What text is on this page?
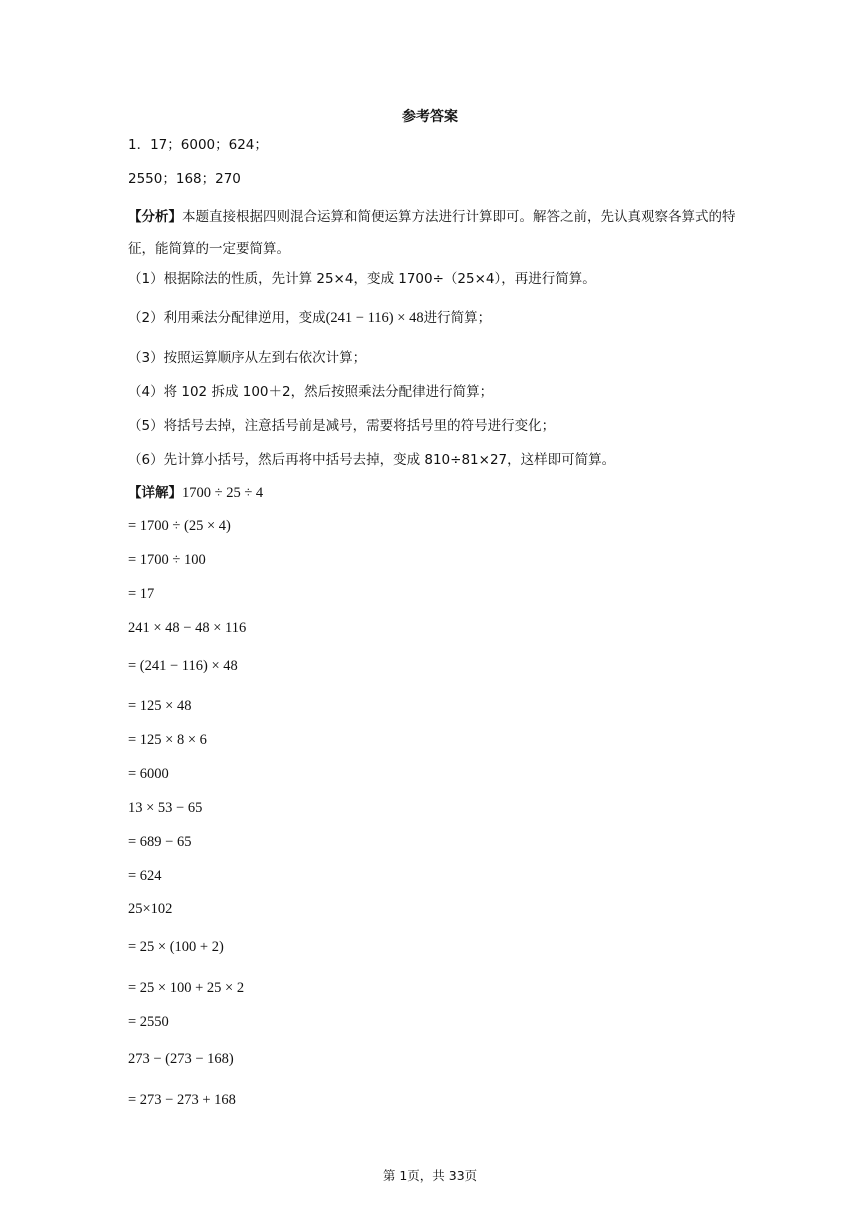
参考答案
1．17；6000；624；
2550；168；270
【分析】本题直接根据四则混合运算和简便运算方法进行计算即可。解答之前，先认真观察各算式的特征，能简算的一定要简算。
（1）根据除法的性质，先计算 25×4，变成 1700÷（25×4），再进行简算。
（2）利用乘法分配律逆用，变成(241 − 116) × 48进行简算；
（3）按照运算顺序从左到右依次计算；
（4）将 102 拆成 100＋2，然后按照乘法分配律进行简算；
（5）将括号去掉，注意括号前是减号，需要将括号里的符号进行变化；
（6）先计算小括号，然后再将中括号去掉，变成 810÷81×27，这样即可简算。
【详解】1700 ÷ 25 ÷ 4
= 1700 ÷ (25 × 4)
= 1700 ÷ 100
= 17
241 × 48 − 48 × 116
= (241 − 116) × 48
= 125 × 48
= 125 × 8 × 6
= 6000
13 × 53 − 65
= 689 − 65
= 624
25×102
= 25 × (100 + 2)
= 25 × 100 + 25 × 2
= 2550
273 − (273 − 168)
= 273 − 273 + 168
第 1页，共 33页
